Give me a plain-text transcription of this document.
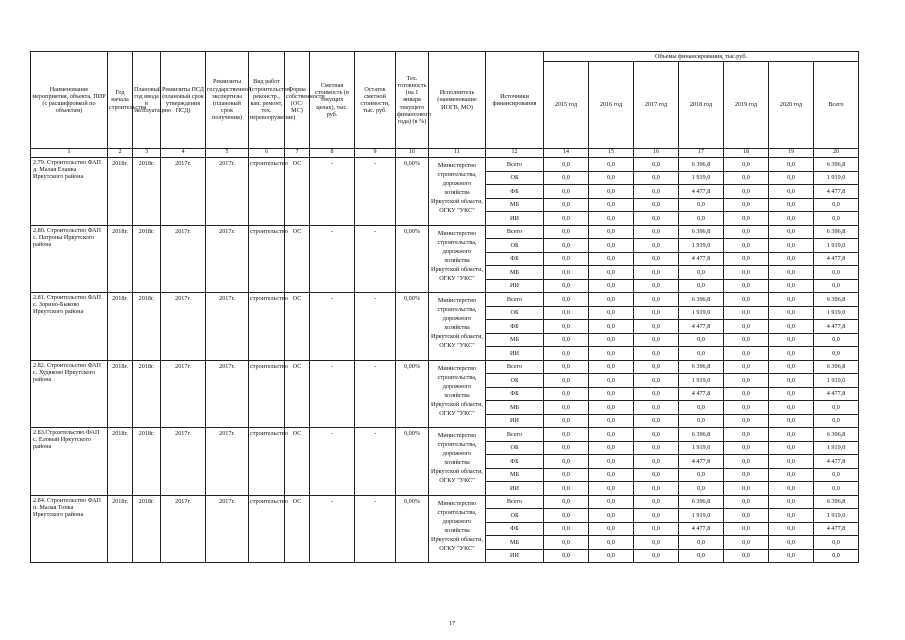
Наименование мероприятия, объекта, ПИР (с расшифровкой по объектам)	Год начала строительства	Плановый год ввода в эксплуатацию	Реквизиты ПСД (плановый срок утверждения ПСД)	Реквизиты государственной экспертизы (плановый срок получения)	Вид работ (строительство, реконстр., кап. ремонт, тех. перевооружение)	Форма собственности (ОС/МС)	Сметная стоимость (в текущих ценах), тыс. руб.	Остаток сметной стоимости, тыс. руб.	Тех. готовность (на 1 января текущего финансового года) (в %)	Исполнитель (наименование ИОГВ, МО)	Источники финансирования	Объемы финансирования, тыс.руб.						
												2015 год	2016 год	2017 год	2018 год	2019 год	2020 год	Всего
1	2	3	4	5	6	7	8	9	10	11	12	14	15	16	17	18	19	20
2.79. Строительство ФАП д. Малая Еланка Иркутского района	2018г.	2018г.	2017г.	2017г.	строительство	ОС	-	-	0,00%	Министерство строительства, дорожного хозяйства Иркутской области, ОГКУ "УКС"	Всего	0,0	0,0	0,0	6 396,8	0,0	0,0	6 396,8
											ОБ	0,0	0,0	0,0	1 919,0	0,0	0,0	1 919,0
											ФБ	0,0	0,0	0,0	4 477,8	0,0	0,0	4 477,8
											МБ	0,0	0,0	0,0	0,0	0,0	0,0	0,0
											ИИ	0,0	0,0	0,0	0,0	0,0	0,0	0,0
2.80. Строительство ФАП с. Патроны Иркутского района	2018г.	2018г.	2017г.	2017г.	строительство	ОС	-	-	0,00%	Министерство строительства, дорожного хозяйства Иркутской области, ОГКУ "УКС"	Всего	0,0	0,0	0,0	6 396,8	0,0	0,0	6 396,8
											ОБ	0,0	0,0	0,0	1 919,0	0,0	0,0	1 919,0
											ФБ	0,0	0,0	0,0	4 477,8	0,0	0,0	4 477,8
											МБ	0,0	0,0	0,0	0,0	0,0	0,0	0,0
											ИИ	0,0	0,0	0,0	0,0	0,0	0,0	0,0
2.81. Строительство ФАП с. Зорино-Быково Иркутского района	2018г.	2018г.	2017г.	2017г.	строительство	ОС	-	-	0,00%	Министерство строительства, дорожного хозяйства Иркутской области, ОГКУ "УКС"	Всего	0,0	0,0	0,0	6 396,8	0,0	0,0	6 396,8
											ОБ	0,0	0,0	0,0	1 919,0	0,0	0,0	1 919,0
											ФБ	0,0	0,0	0,0	4 477,8	0,0	0,0	4 477,8
											МБ	0,0	0,0	0,0	0,0	0,0	0,0	0,0
											ИИ	0,0	0,0	0,0	0,0	0,0	0,0	0,0
2.82. Строительство ФАП с. Худяково Иркутского района	2018г.	2018г.	2017г.	2017г.	строительство	ОС	-	-	0,00%	Министерство строительства, дорожного хозяйства Иркутской области, ОГКУ "УКС"	Всего	0,0	0,0	0,0	6 396,8	0,0	0,0	6 396,8
											ОБ	0,0	0,0	0,0	1 919,0	0,0	0,0	1 919,0
											ФБ	0,0	0,0	0,0	4 477,8	0,0	0,0	4 477,8
											МБ	0,0	0,0	0,0	0,0	0,0	0,0	0,0
											ИИ	0,0	0,0	0,0	0,0	0,0	0,0	0,0
2.83.Строительство ФАП с. Еловый Иркутского района	2018г.	2018г.	2017г.	2017г.	строительство	ОС	-	-	0,00%	Министерство строительства, дорожного хозяйства Иркутской области, ОГКУ "УКС"	Всего	0,0	0,0	0,0	6 396,8	0,0	0,0	6 396,8
											ОБ	0,0	0,0	0,0	1 919,0	0,0	0,0	1 919,0
											ФБ	0,0	0,0	0,0	4 477,8	0,0	0,0	4 477,8
											МБ	0,0	0,0	0,0	0,0	0,0	0,0	0,0
											ИИ	0,0	0,0	0,0	0,0	0,0	0,0	0,0
2.84. Строительство ФАП п. Малая Топка Иркутского района	2018г.	2018г.	2017г.	2017г.	строительство	ОС	-	-	0,00%	Министерство строительства, дорожного хозяйства Иркутской области, ОГКУ "УКС"	Всего	0,0	0,0	0,0	6 396,8	0,0	0,0	6 396,8
											ОБ	0,0	0,0	0,0	1 919,0	0,0	0,0	1 919,0
											ФБ	0,0	0,0	0,0	4 477,8	0,0	0,0	4 477,8
											МБ	0,0	0,0	0,0	0,0	0,0	0,0	0,0
											ИИ	0,0	0,0	0,0	0,0	0,0	0,0	0,0
17
